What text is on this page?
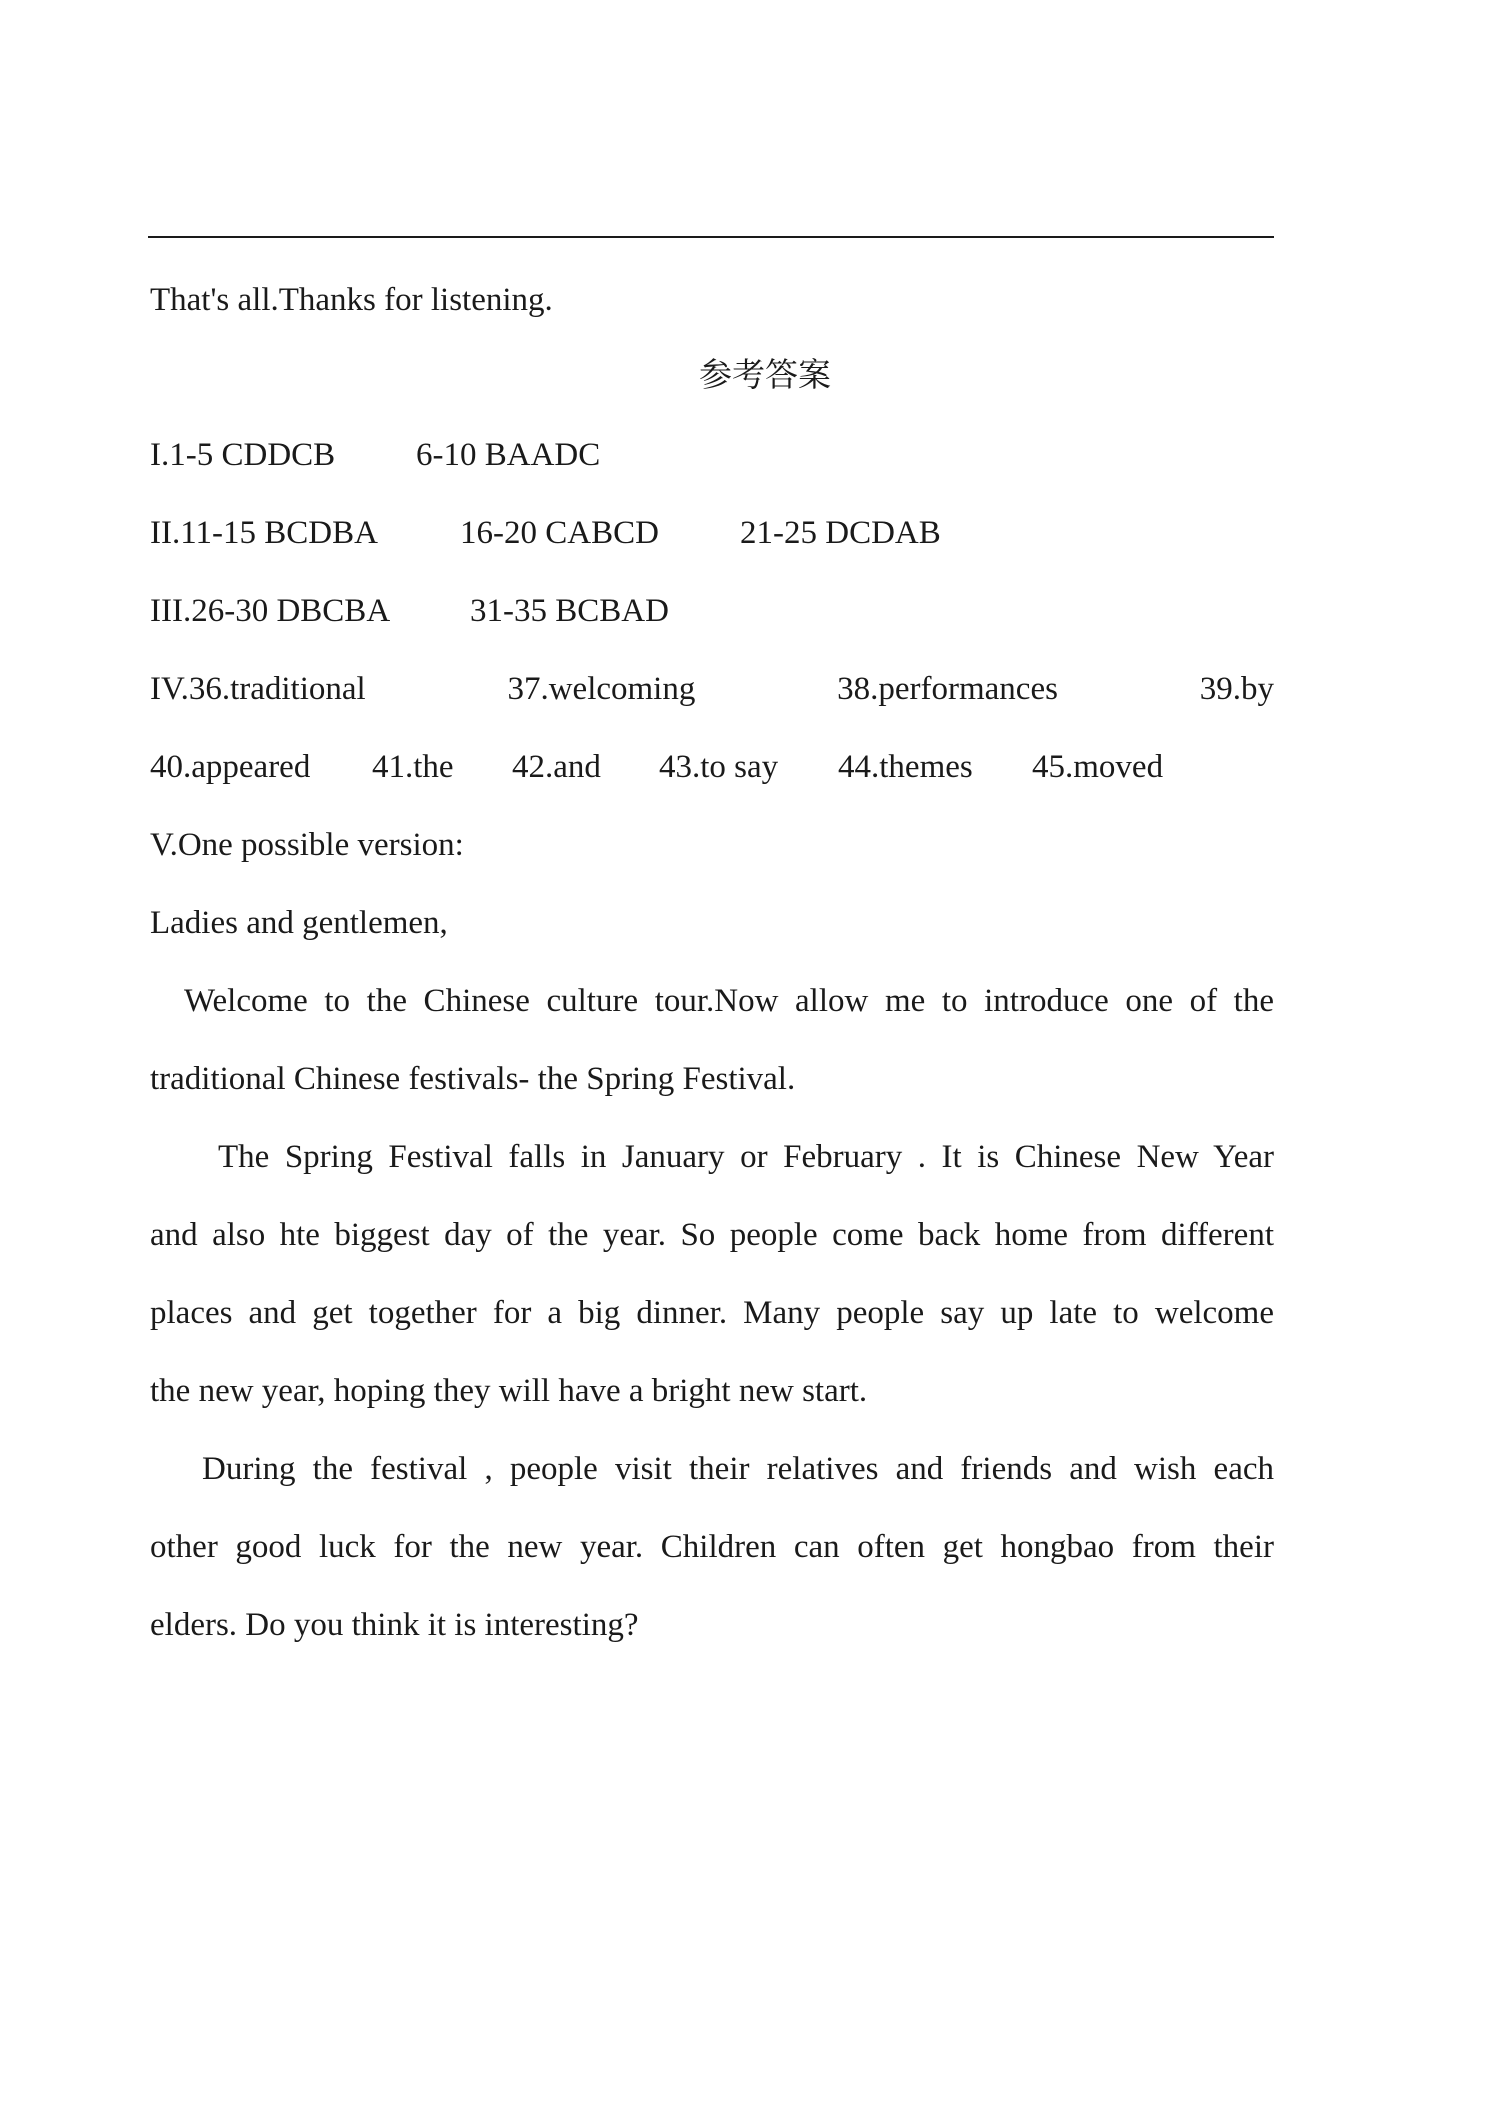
That's all.Thanks for listening.
参考答案
I.1-5 CDDCB	6-10 BAADC
II.11-15 BCDBA	16-20 CABCD	21-25 DCDAB
III.26-30 DBCBA	31-35 BCBAD
IV.36.traditional	37.welcoming	38.performances	39.by
40.appeared	41.the	42.and	43.to say	44.themes	45.moved
V.One possible version:
Ladies and gentlemen,
Welcome to the Chinese culture tour.Now allow me to introduce one of the
traditional Chinese festivals- the Spring Festival.
The Spring Festival falls in January or February . It is Chinese New Year
and also hte biggest day of the year. So people come back home from different
places and get together for a big dinner. Many people say up late to welcome
the new year, hoping they will have a bright new start.
During the festival , people visit their relatives and friends and wish each
other good luck for the new year. Children can often get hongbao from their
elders. Do you think it is interesting?
